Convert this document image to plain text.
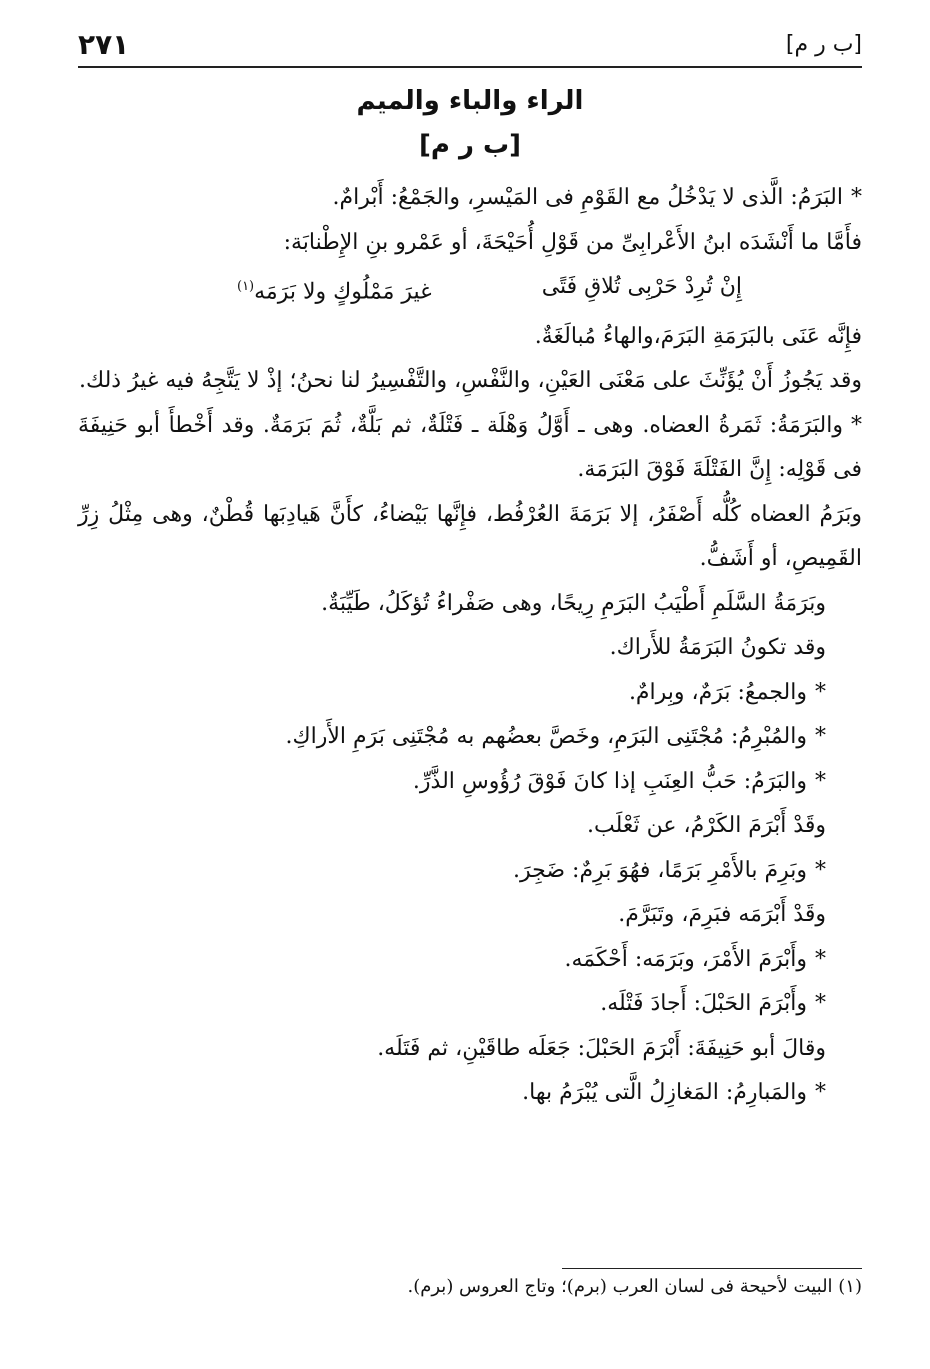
[ب ر م]
٢٧١
الراء والباء والميم
[ب ر م]

*البَرَمُ: الَّذى لا يَدْخُلُ مع القَوْمِ فى المَيْسرِ، والجَمْعُ: أَبْرامٌ.

فأَمَّا ما أَنْشَدَه ابنُ الأَعْرابِىِّ من قَوْلِ أُحَيْحَةَ، أو عَمْرو بنِ الإِطْنابَة:

إِنْ تُرِدْ حَرْبِى تُلاقِ فَتًى
غيرَ مَمْلُوكٍ ولا بَرَمَه$^{(١)}$

فإِنَّه عَنَى بالبَرَمَةِ البَرَمَ،والهاءُ مُبالَغَةٌ.

وقد يَجُوزُ أَنْ يُؤَنِّثَ على مَعْنَى العَيْنِ، والنَّفْسِ، والتَّفْسِيرُ لنا نحنُ؛ إذْ لا يَتَّجِهُ فيه غيرُ ذلك.

*والبَرَمَةُ: ثَمَرةُ العضاه. وهى ـ أَوَّلُ وَهْلَة ـ فَتْلَةٌ، ثم بَلَّةٌ، ثُمَ بَرَمَةٌ. وقد أَخْطأَ أبو حَنِيفَةَ فى قَوْلِه: إِنَّ الفَتْلَةَ فَوْقَ البَرَمَة.

وبَرَمُ العضاه كُلُّه أَصْفَرُ، إلا بَرَمَةَ العُرْفُط، فإِنَّها بَيْضاءُ، كأَنَّ هَيادِبَها قُطْنٌ، وهى مِثْلُ زِرِّ القَمِيصِ، أو أَشَفُّ.

وبَرَمَةُ السَّلَمِ أَطْيَبُ البَرَمِ رِيحًا، وهى صَفْراءُ تُؤكَلُ، طَيِّبَةٌ.

وقد تكونُ البَرَمَةُ للأَراك.

*والجمعُ: بَرَمٌ، وبِرامٌ.

*والمُبْرِمُ: مُجْتَنِى البَرَمِ، وخَصَّ بعضُهم به مُجْتَنِى بَرَمِ الأَراكِ.

*والبَرَمُ: حَبُّ العِنَبِ إذا كانَ فَوْقَ رُؤُوسِ الذَّرِّ.

وقَدْ أَبْرَمَ الكَرْمُ، عن ثَعْلَب.

*وبَرِمَ بالأَمْرِ بَرَمًا، فهُوَ بَرِمٌ: ضَجِرَ.

وقَدْ أَبْرَمَه فبَرِمَ، وتَبَرَّمَ.

*وأَبْرَمَ الأَمْرَ، وبَرَمَه: أَحْكَمَه.

*وأَبْرَمَ الحَبْلَ: أَجادَ فَتْلَه.

وقالَ أبو حَنِيفَةَ: أَبْرَمَ الحَبْلَ: جَعَلَه طاقَيْنِ، ثم فَتَلَه.

*والمَبارِمُ: المَغازِلُ الَّتى يُبْرَمُ بها.

(١) البيت لأحيحة فى لسان العرب (برم)؛ وتاج العروس (برم).
